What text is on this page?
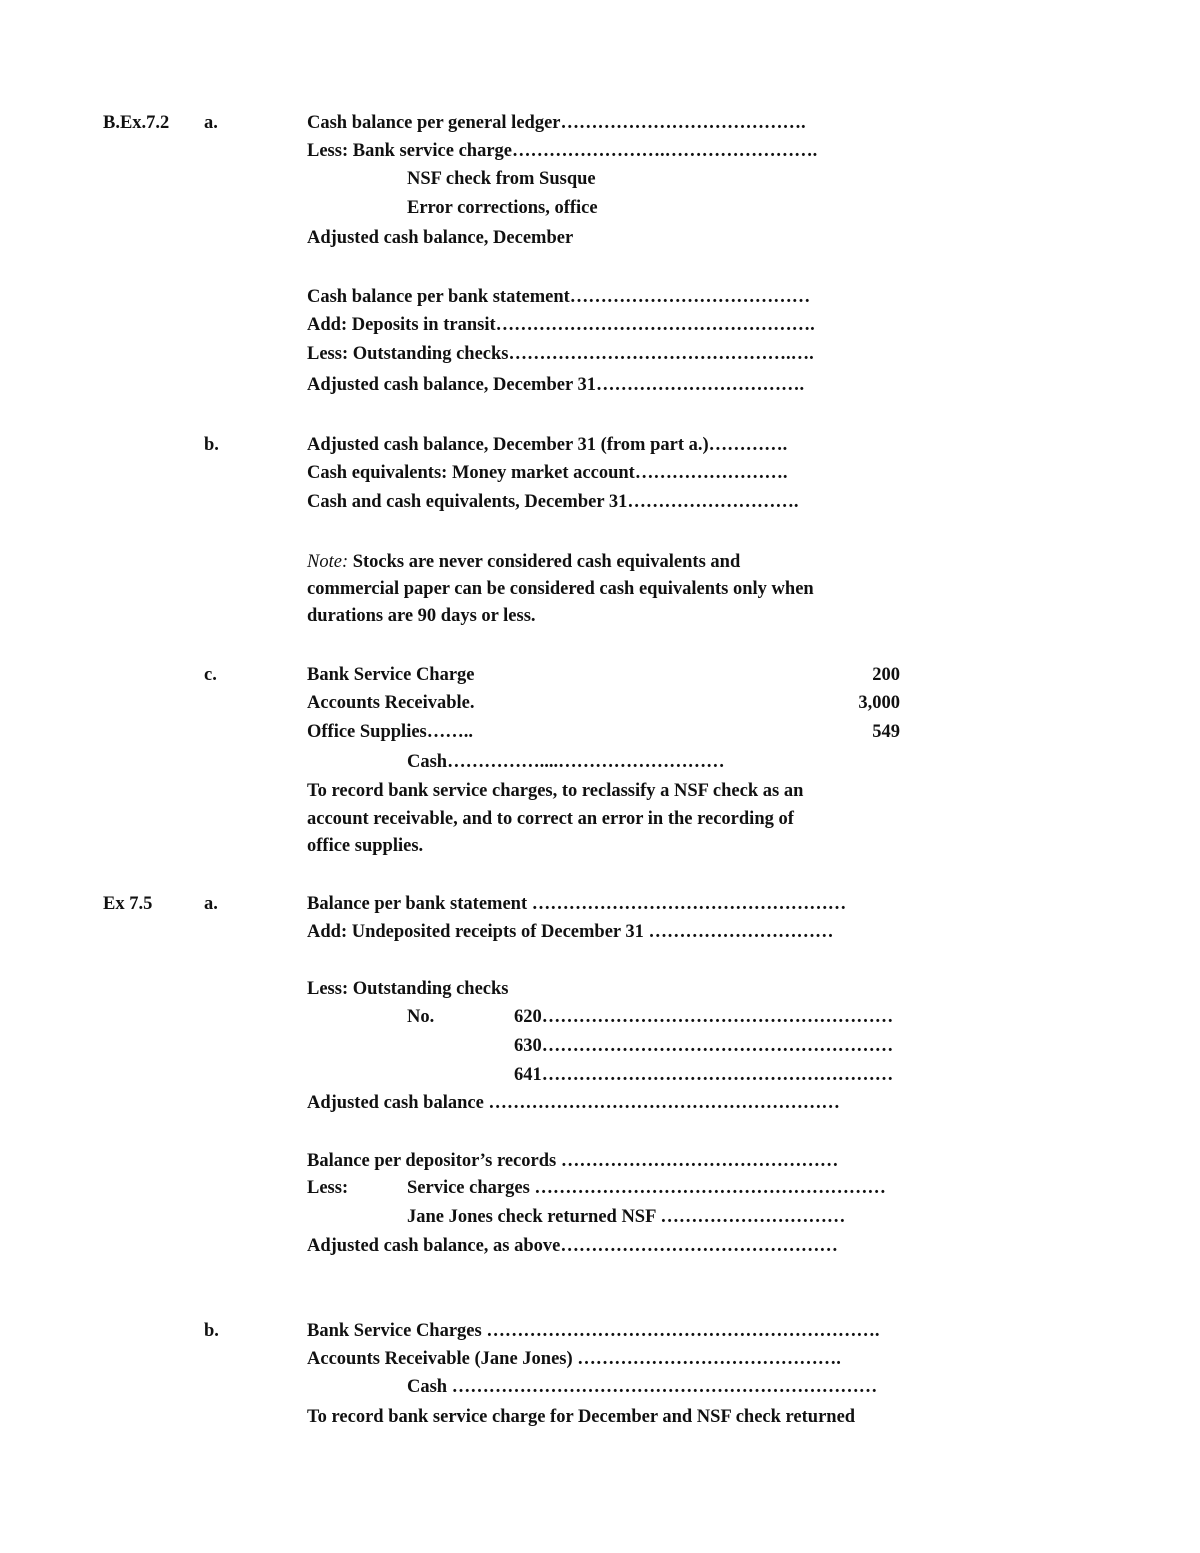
B.Ex.7.2 a.	Cash balance per general ledger………………………………….
Less: Bank service charge…………………….…………………….
NSF check from Susque
Error corrections, office
Adjusted cash balance, December
Cash balance per bank statement…………………………………
Add: Deposits in transit…………………………………………….
Less: Outstanding checks……………………………………….….
Adjusted cash balance, December 31…………………………….
b.	Adjusted cash balance, December 31 (from part a.)………….
Cash equivalents: Money market account…………………….
Cash and cash equivalents, December 31……………………….
Note: Stocks are never considered cash equivalents and
commercial paper can be considered cash equivalents only when
durations are 90 days or less.
c.	Bank Service Charge	200
Accounts Receivable.	3,000
Office Supplies……..	549
Cash……………....………………………
To record bank service charges, to reclassify a NSF check as an
account receivable, and to correct an error in the recording of
office supplies.
Ex 7.5	a.	Balance per bank statement ……………………………………………
Add: Undeposited receipts of December 31 …………………………
Less: Outstanding checks
No.	620…………………………………………………
630…………………………………………………
641…………………………………………………
Adjusted cash balance …………………………………………………
Balance per depositor’s records ………………………………………
Less:	Service charges …………………………………………………
Jane Jones check returned NSF …………………………
Adjusted cash balance, as above………………………………………
b.	Bank Service Charges ……………………………………………………….
Accounts Receivable (Jane Jones) …………………………………….
Cash ……………………………………………………………
To record bank service charge for December and NSF check returned
